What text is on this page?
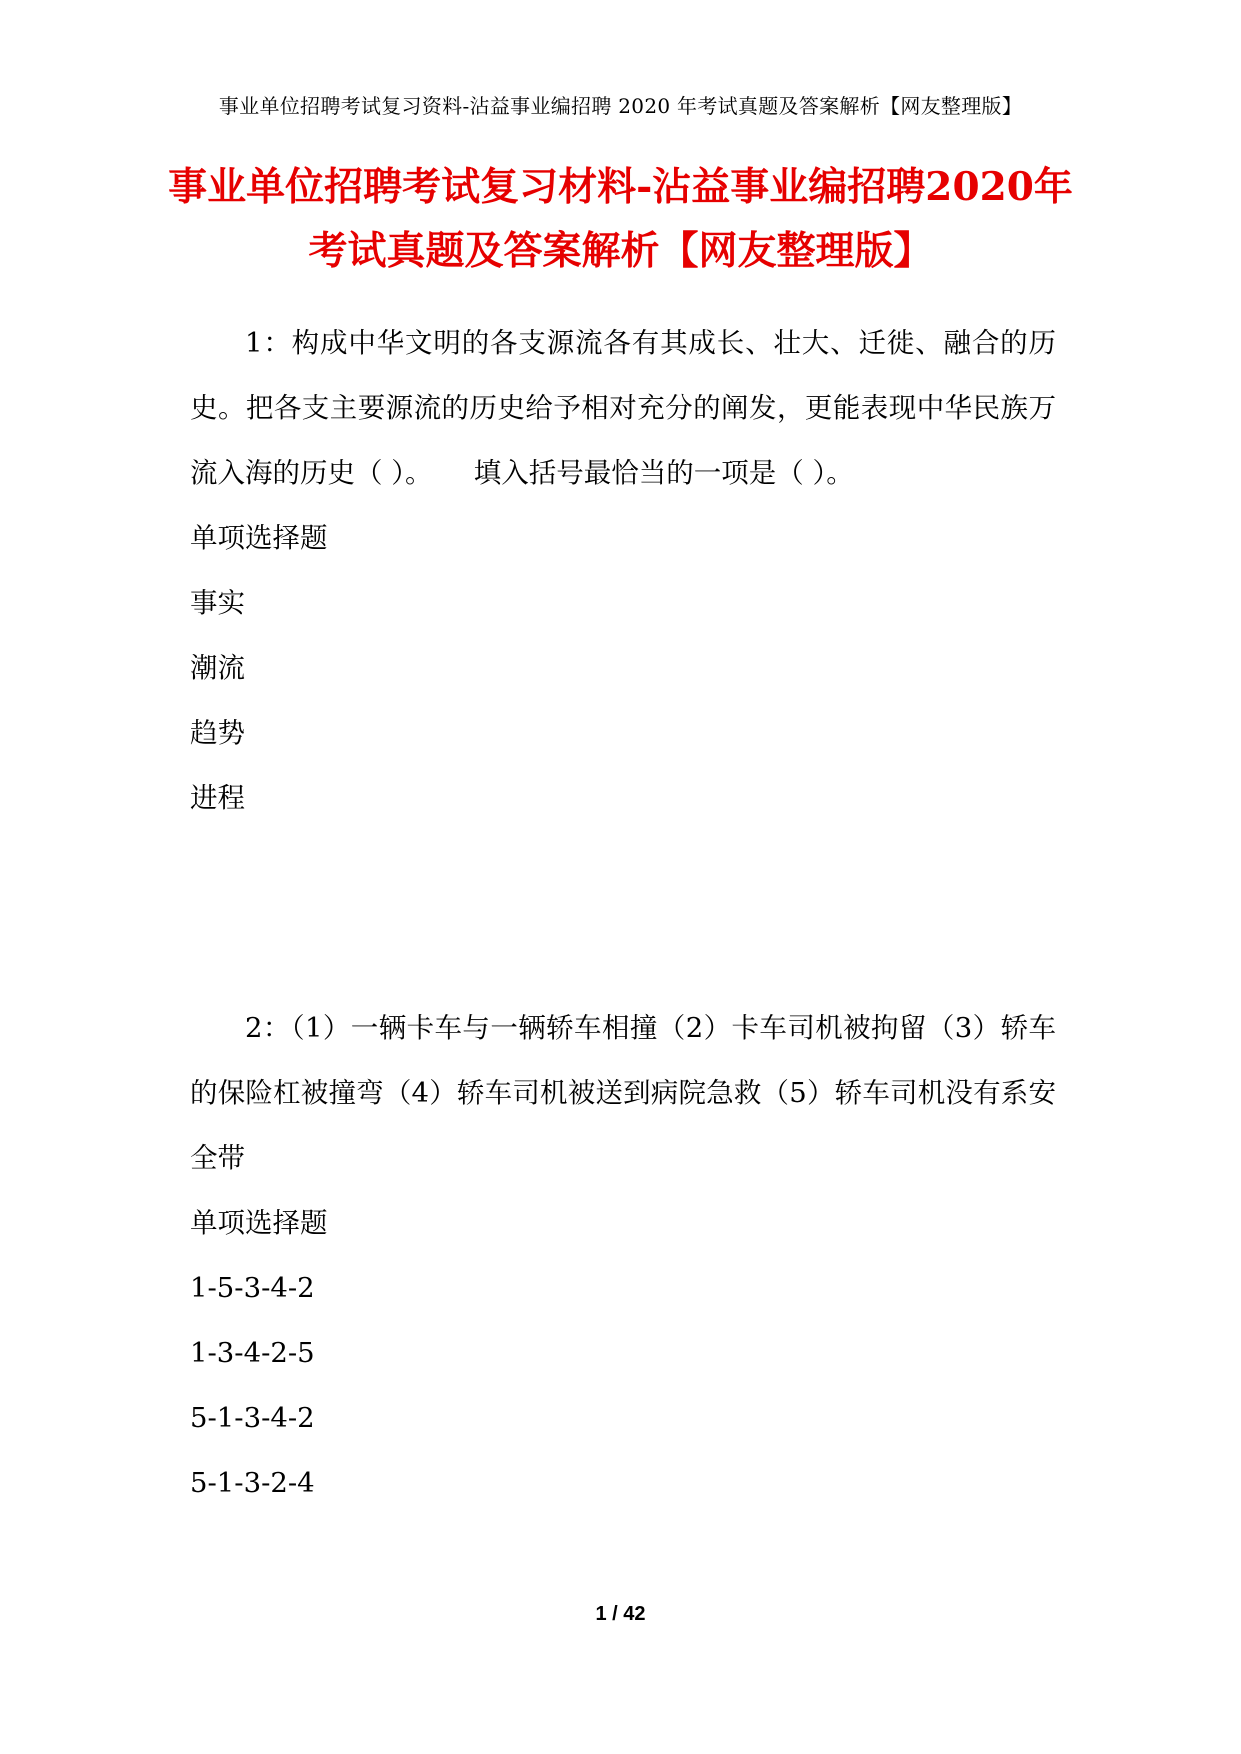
事业单位招聘考试复习资料-沾益事业编招聘 2020 年考试真题及答案解析【网友整理版】
事业单位招聘考试复习材料-沾益事业编招聘2020年
考试真题及答案解析【网友整理版】

1：构成中华文明的各支源流各有其成长、壮大、迁徙、融合的历史。把各支主要源流的历史给予相对充分的阐发，更能表现中华民族万流入海的历史（ ）。　　填入括号最恰当的一项是（ ）。

单项选择题

事实

潮流

趋势

进程

2：（1）一辆卡车与一辆轿车相撞（2）卡车司机被拘留（3）轿车的保险杠被撞弯（4）轿车司机被送到病院急救（5）轿车司机没有系安全带

单项选择题

1-5-3-4-2

1-3-4-2-5

5-1-3-4-2

5-1-3-2-4

1 / 42
